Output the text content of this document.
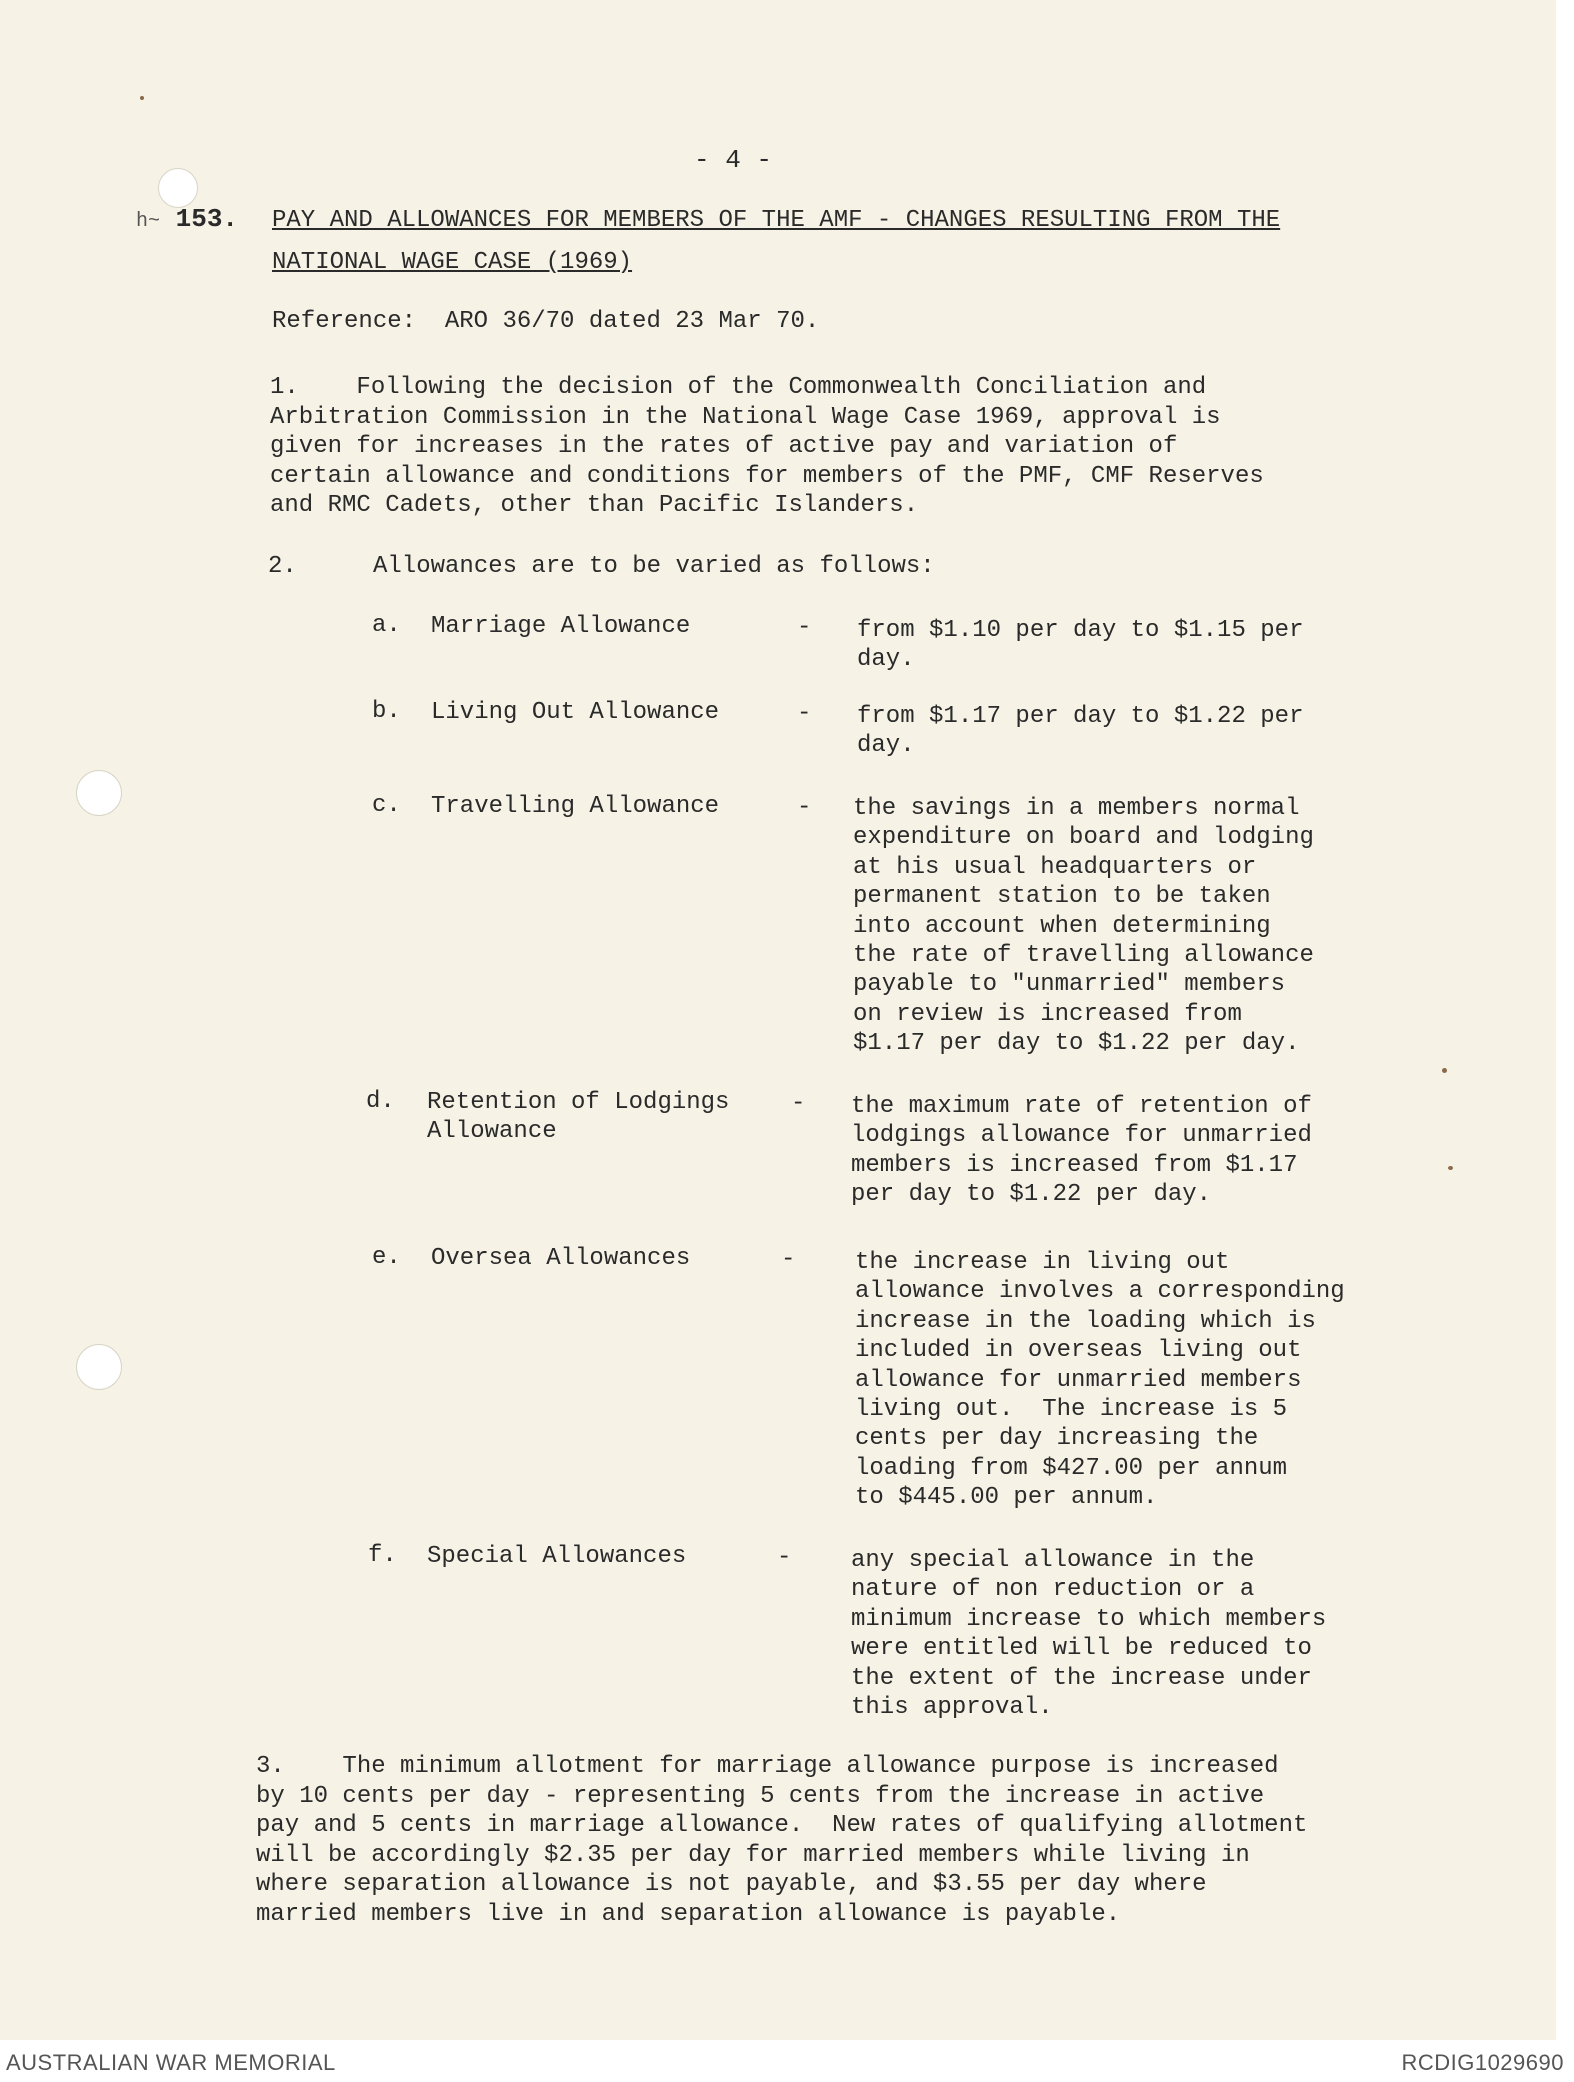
- 4 -
h~ 153. PAY AND ALLOWANCES FOR MEMBERS OF THE AMF - CHANGES RESULTING FROM THE
NATIONAL WAGE CASE (1969)
Reference:  ARO 36/70 dated 23 Mar 70.
1.    Following the decision of the Commonwealth Conciliation and
Arbitration Commission in the National Wage Case 1969, approval is
given for increases in the rates of active pay and variation of
certain allowance and conditions for members of the PMF, CMF Reserves
and RMC Cadets, other than Pacific Islanders.
2.	Allowances are to be varied as follows:
a. Marriage Allowance	- from $1.10 per day to $1.15 per
day.
b. Living Out Allowance	- from $1.17 per day to $1.22 per
day.
c. Travelling Allowance	- the savings in a members normal
expenditure on board and lodging
at his usual headquarters or
permanent station to be taken
into account when determining
the rate of travelling allowance
payable to "unmarried" members
on review is increased from
$1.17 per day to $1.22 per day.
d. Retention of Lodgings
Allowance
- the maximum rate of retention of
lodgings allowance for unmarried
members is increased from $1.17
per day to $1.22 per day.
e. Oversea Allowances	- the increase in living out
allowance involves a corresponding
increase in the loading which is
included in overseas living out
allowance for unmarried members
living out.  The increase is 5
cents per day increasing the
loading from $427.00 per annum
to $445.00 per annum.
f. Special Allowances	- any special allowance in the
nature of non reduction or a
minimum increase to which members
were entitled will be reduced to
the extent of the increase under
this approval.
3.    The minimum allotment for marriage allowance purpose is increased
by 10 cents per day - representing 5 cents from the increase in active
pay and 5 cents in marriage allowance.  New rates of qualifying allotment
will be accordingly $2.35 per day for married members while living in
where separation allowance is not payable, and $3.55 per day where
married members live in and separation allowance is payable.
AUSTRALIAN WAR MEMORIAL	RCDIG1029690
